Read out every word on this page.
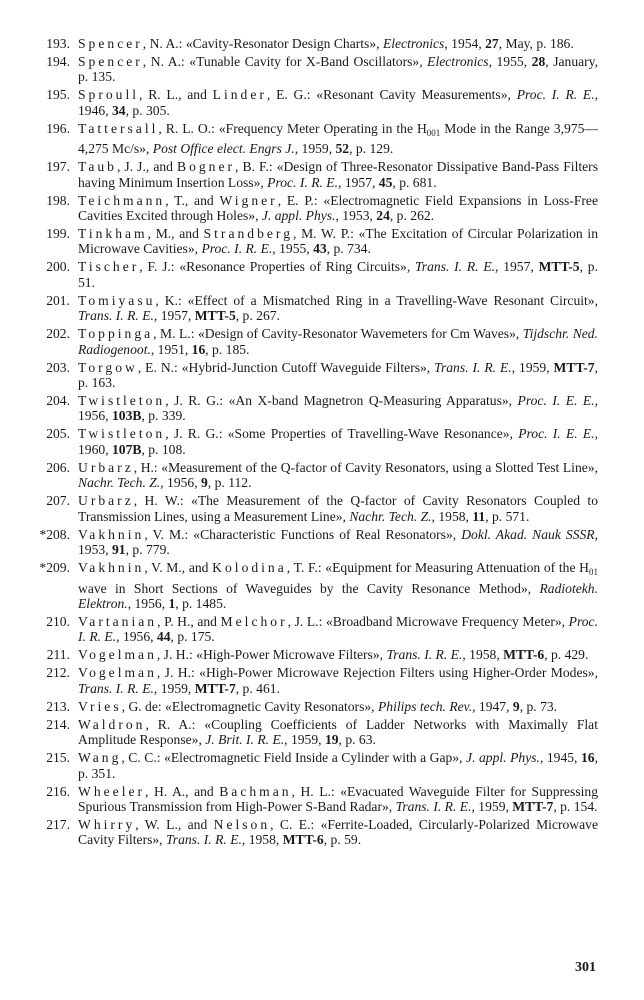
193. Spencer, N. A.: «Cavity-Resonator Design Charts», Electronics, 1954, 27, May, p. 186.
194. Spencer, N. A.: «Tunable Cavity for X-Band Oscillators», Electronics, 1955, 28, January, p. 135.
195. Sproull, R. L., and Linder, E. G.: «Resonant Cavity Measurements», Proc. I. R. E., 1946, 34, p. 305.
196. Tattersall, R. L. O.: «Frequency Meter Operating in the $H_{001}$ Mode in the Range 3,975—4,275 Mc/s», Post Office elect. Engrs J., 1959, 52, p. 129.
197. Taub, J. J., and Bogner, B. F.: «Design of Three-Resonator Dissipative Band-Pass Filters having Minimum Insertion Loss», Proc. I. R. E., 1957, 45, p. 681.
198. Teichmann, T., and Wigner, E. P.: «Electromagnetic Field Expansions in Loss-Free Cavities Excited through Holes», J. appl. Phys., 1953, 24, p. 262.
199. Tinkham, M., and Strandberg, M. W. P.: «The Excitation of Circular Polarization in Microwave Cavities», Proc. I. R. E., 1955, 43, p. 734.
200. Tischer, F. J.: «Resonance Properties of Ring Circuits», Trans. I. R. E., 1957, MTT-5, p. 51.
201. Tomiyasu, K.: «Effect of a Mismatched Ring in a Travelling-Wave Resonant Circuit», Trans. I. R. E., 1957, MTT-5, p. 267.
202. Toppinga, M. L.: «Design of Cavity-Resonator Wavemeters for Cm Waves», Tijdschr. Ned. Radiogenoot., 1951, 16, p. 185.
203. Torgow, E. N.: «Hybrid-Junction Cutoff Waveguide Filters», Trans. I. R. E., 1959, MTT-7, p. 163.
204. Twistleton, J. R. G.: «An X-band Magnetron Q-Measuring Apparatus», Proc. I. E. E., 1956, 103B, p. 339.
205. Twistleton, J. R. G.: «Some Properties of Travelling-Wave Resonance», Proc. I. E. E., 1960, 107B, p. 108.
206. Urbarz, H.: «Measurement of the Q-factor of Cavity Resonators, using a Slotted Test Line», Nachr. Tech. Z., 1956, 9, p. 112.
207. Urbarz, H. W.: «The Measurement of the Q-factor of Cavity Resonators Coupled to Transmission Lines, using a Measurement Line», Nachr. Tech. Z., 1958, 11, p. 571.
*208. Vakhnin, V. M.: «Characteristic Functions of Real Resonators», Dokl. Akad. Nauk SSSR, 1953, 91, p. 779.
*209. Vakhnin, V. M., and Kolodina, T. F.: «Equipment for Measuring Attenuation of the $H_{01}$ wave in Short Sections of Waveguides by the Cavity Resonance Method», Radiotekh. Elektron., 1956, 1, p. 1485.
210. Vartanian, P. H., and Melchor, J. L.: «Broadband Microwave Frequency Meter», Proc. I. R. E., 1956, 44, p. 175.
211. Vogelman, J. H.: «High-Power Microwave Filters», Trans. I. R. E., 1958, MTT-6, p. 429.
212. Vogelman, J. H.: «High-Power Microwave Rejection Filters using Higher-Order Modes», Trans. I. R. E., 1959, MTT-7, p. 461.
213. Vries, G. de: «Electromagnetic Cavity Resonators», Philips tech. Rev., 1947, 9, p. 73.
214. Waldron, R. A.: «Coupling Coefficients of Ladder Networks with Maximally Flat Amplitude Response», J. Brit. I. R. E., 1959, 19, p. 63.
215. Wang, C. C.: «Electromagnetic Field Inside a Cylinder with a Gap», J. appl. Phys., 1945, 16, p. 351.
216. Wheeler, H. A., and Bachman, H. L.: «Evacuated Waveguide Filter for Suppressing Spurious Transmission from High-Power S-Band Radar», Trans. I. R. E., 1959, MTT-7, p. 154.
217. Whirry, W. L., and Nelson, C. E.: «Ferrite-Loaded, Circularly-Polarized Microwave Cavity Filters», Trans. I. R. E., 1958, MTT-6, p. 59.
301
